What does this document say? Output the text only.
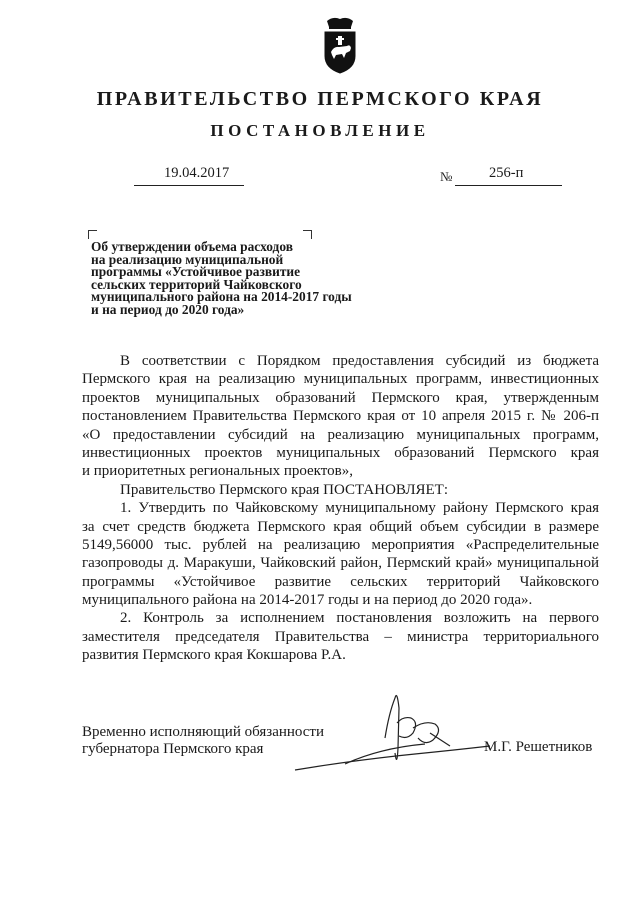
ПРАВИТЕЛЬСТВО ПЕРМСКОГО КРАЯ
ПОСТАНОВЛЕНИЕ
19.04.2017	№	256-п
Об утверждении объема расходов
на реализацию муниципальной
программы «Устойчивое развитие
сельских территорий Чайковского
муниципального района на 2014-2017 годы
и на период до 2020 года»
В соответствии с Порядком предоставления субсидий из бюджета
Пермского края на реализацию муниципальных программ, инвестиционных
проектов муниципальных образований Пермского края, утвержденным
постановлением Правительства Пермского края от 10 апреля 2015 г. № 206-п
«О предоставлении субсидий на реализацию муниципальных программ,
инвестиционных проектов муниципальных образований Пермского края
и приоритетных региональных проектов»,
Правительство Пермского края ПОСТАНОВЛЯЕТ:
1. Утвердить по Чайковскому муниципальному району Пермского края
за счет средств бюджета Пермского края общий объем субсидии в размере
5149,56000 тыс. рублей на реализацию мероприятия «Распределительные
газопроводы д. Маракуши, Чайковский район, Пермский край» муниципальной
программы «Устойчивое развитие сельских территорий Чайковского
муниципального района на 2014-2017 годы и на период до 2020 года».
2. Контроль за исполнением постановления возложить на первого
заместителя председателя Правительства – министра территориального
развития Пермского края Кокшарова Р.А.
Временно исполняющий обязанности
губернатора Пермского края	М.Г. Решетников
